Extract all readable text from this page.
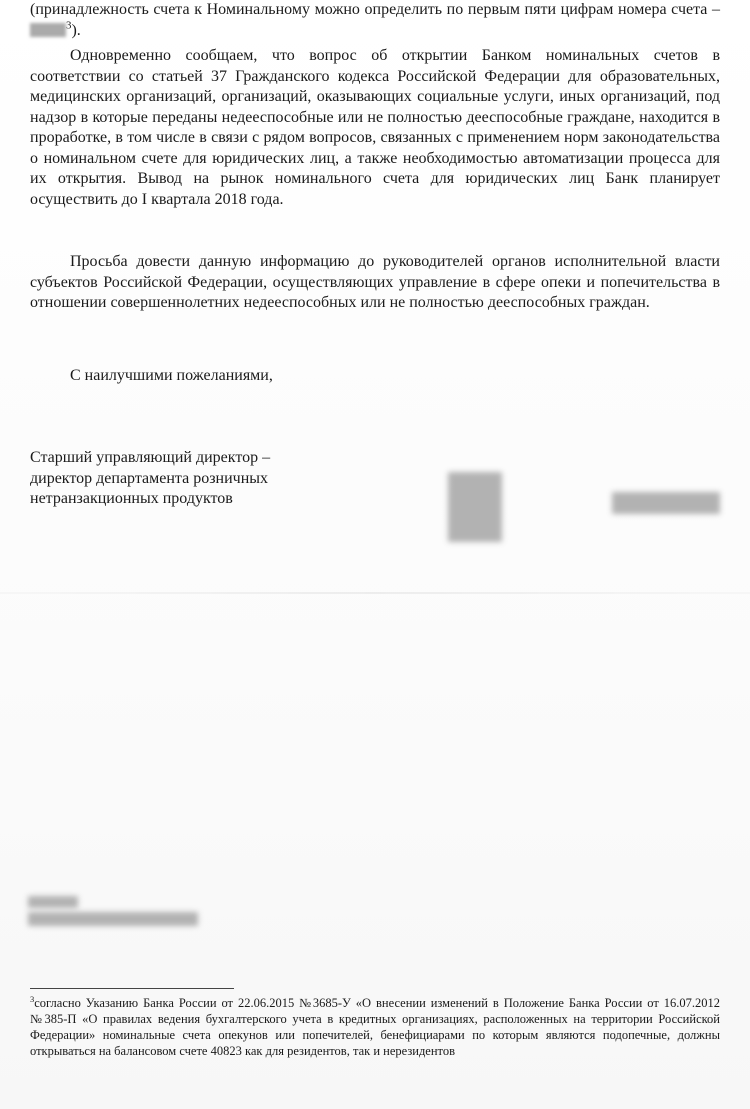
(принадлежность счета к Номинальному можно определить по первым пяти цифрам номера счета – $^3$).
Одновременно сообщаем, что вопрос об открытии Банком номинальных счетов в соответствии со статьей 37 Гражданского кодекса Российской Федерации для образовательных, медицинских организаций, организаций, оказывающих социальные услуги, иных организаций, под надзор в которые переданы недееспособные или не полностью дееспособные граждане, находится в проработке, в том числе в связи с рядом вопросов, связанных с применением норм законодательства о номинальном счете для юридических лиц, а также необходимостью автоматизации процесса для их открытия. Вывод на рынок номинального счета для юридических лиц Банк планирует осуществить до I квартала 2018 года.
Просьба довести данную информацию до руководителей органов исполнительной власти субъектов Российской Федерации, осуществляющих управление в сфере опеки и попечительства в отношении совершеннолетних недееспособных или не полностью дееспособных граждан.
С наилучшими пожеланиями,
Старший управляющий директор –
директор департамента розничных
нетранзакционных продуктов
$^3$согласно Указанию Банка России от 22.06.2015 №3685-У «О внесении изменений в Положение Банка России от 16.07.2012 №385-П «О правилах ведения бухгалтерского учета в кредитных организациях, расположенных на территории Российской Федерации» номинальные счета опекунов или попечителей, бенефициарами по которым являются подопечные, должны открываться на балансовом счете 40823 как для резидентов, так и нерезидентов
